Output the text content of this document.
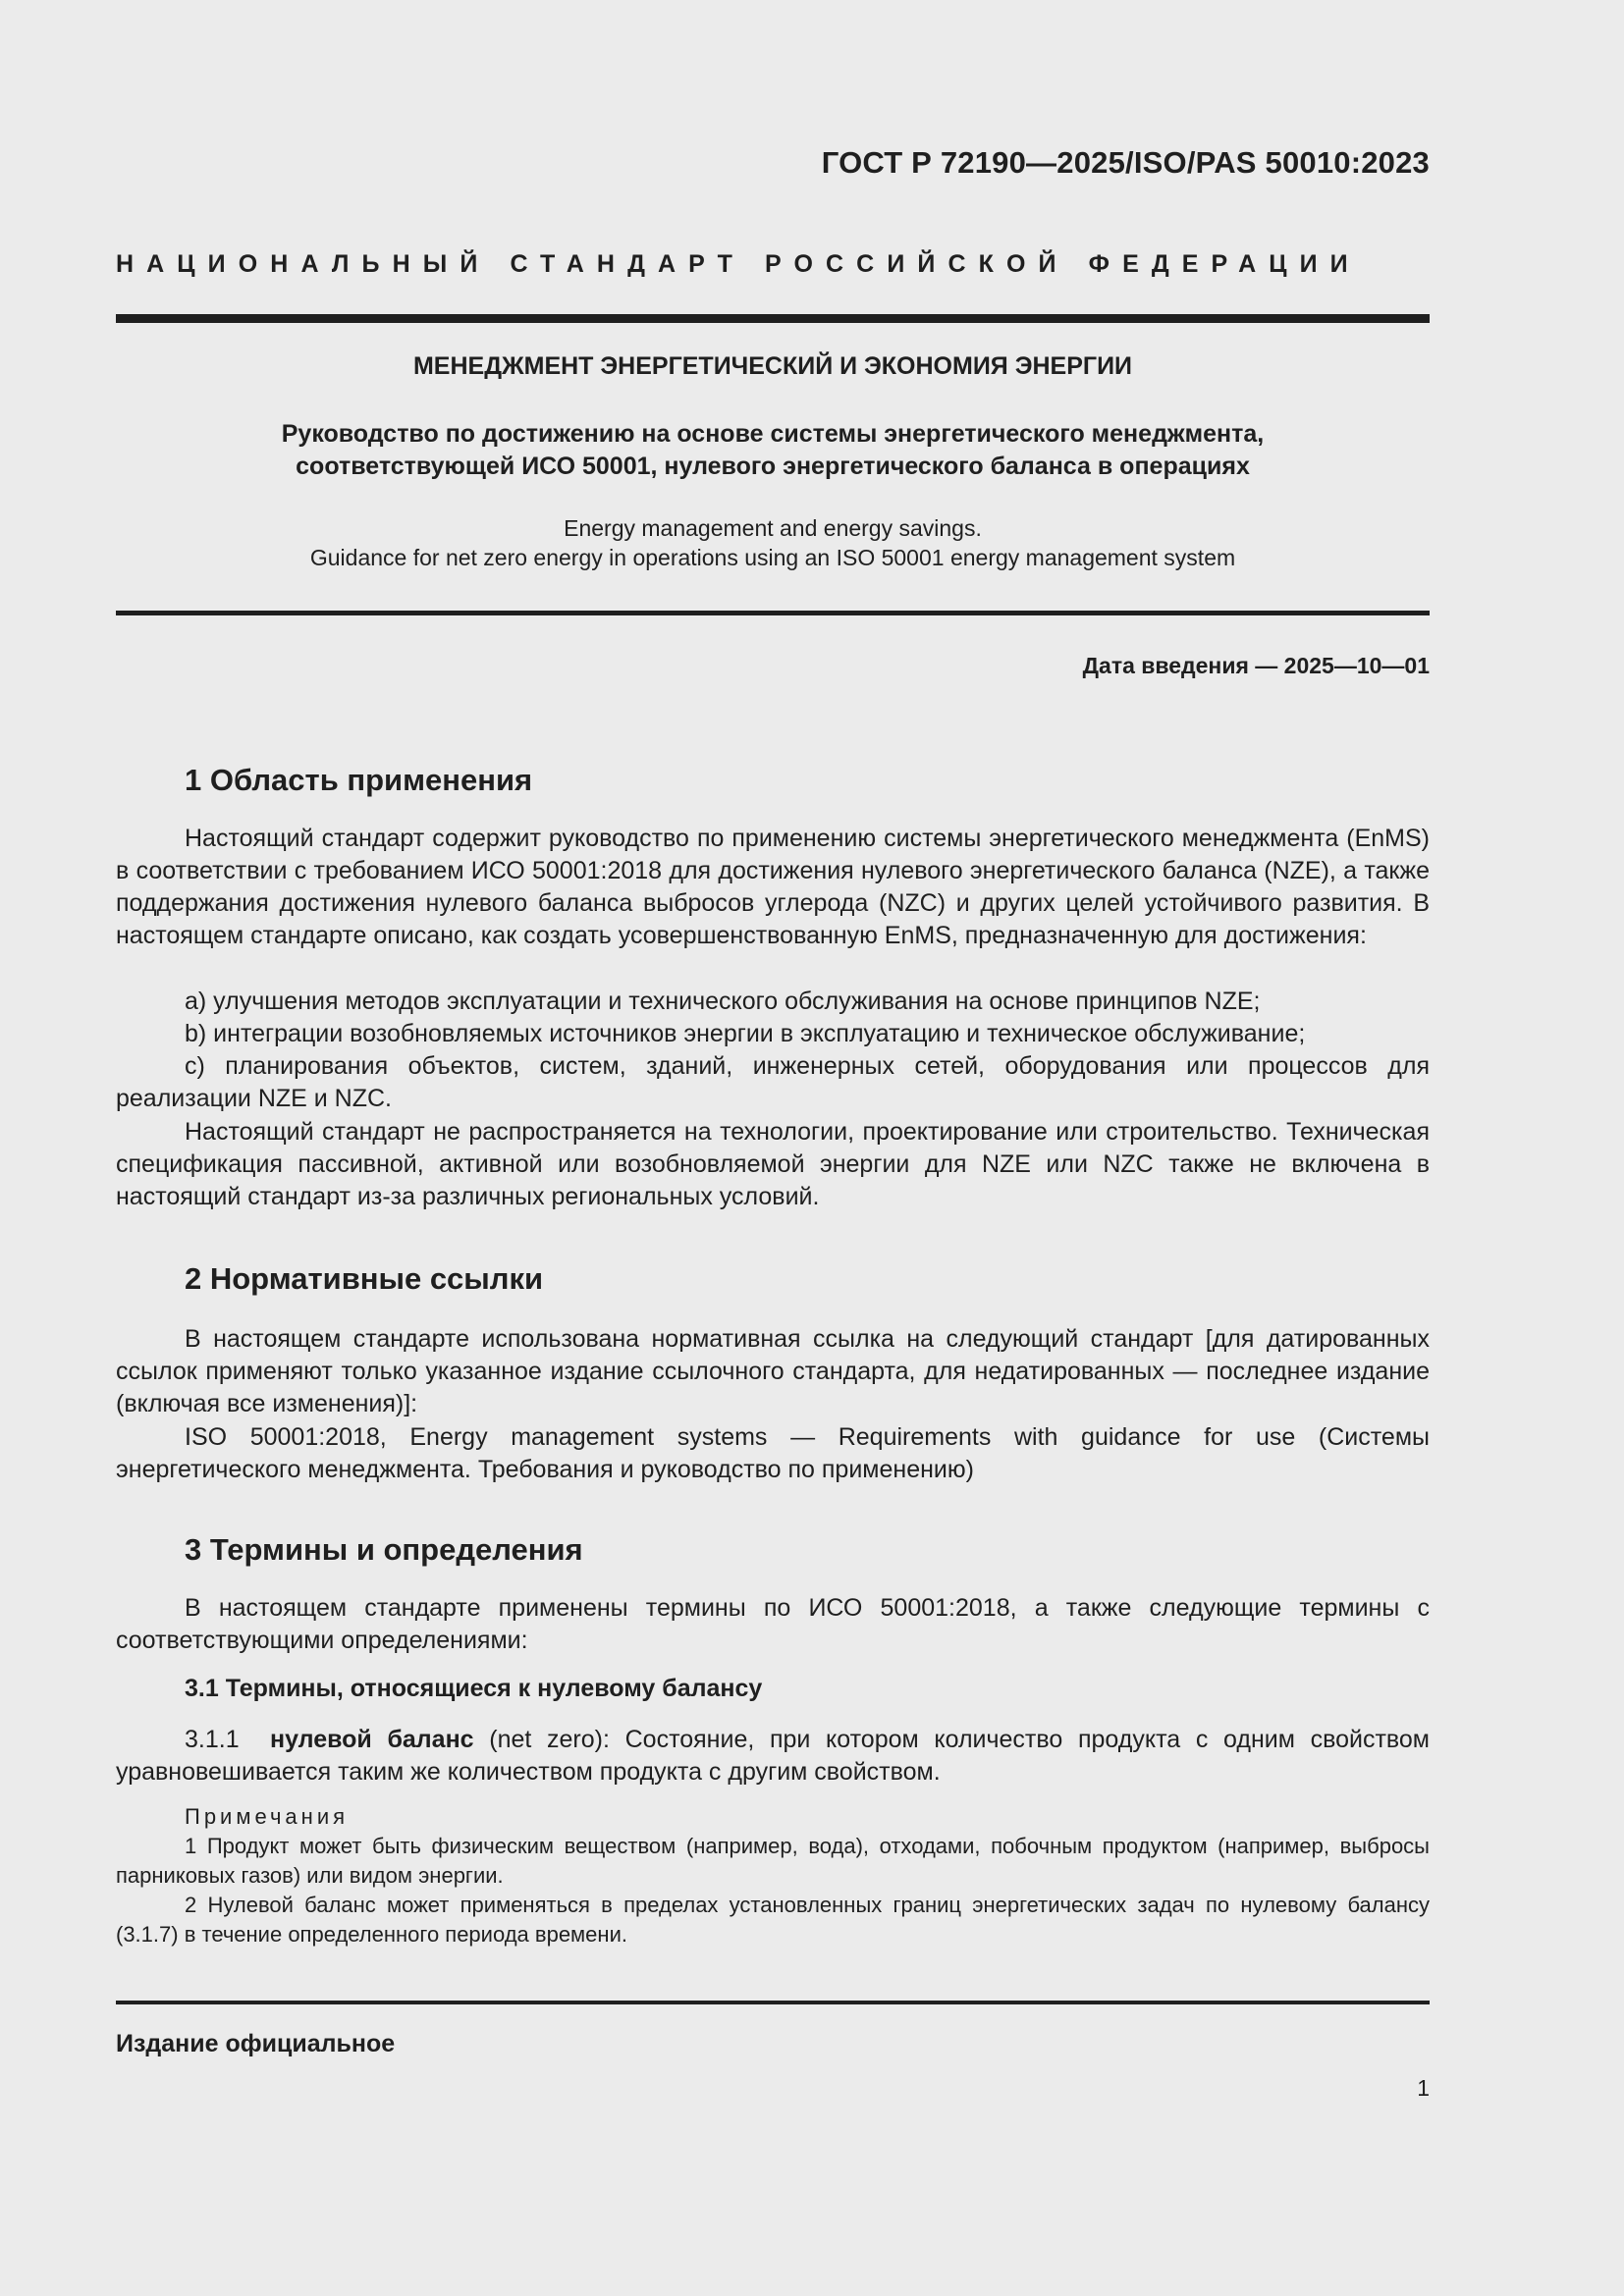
ГОСТ Р 72190—2025/ISO/PAS 50010:2023
НАЦИОНАЛЬНЫЙ СТАНДАРТ РОССИЙСКОЙ ФЕДЕРАЦИИ
МЕНЕДЖМЕНТ ЭНЕРГЕТИЧЕСКИЙ И ЭКОНОМИЯ ЭНЕРГИИ
Руководство по достижению на основе системы энергетического менеджмента,
соответствующей ИСО 50001, нулевого энергетического баланса в операциях
Energy management and energy savings.
Guidance for net zero energy in operations using an ISO 50001 energy management system
Дата введения — 2025—10—01
1 Область применения
Настоящий стандарт содержит руководство по применению системы энергетического менеджмента (EnMS) в соответствии с требованием ИСО 50001:2018 для достижения нулевого энергетического баланса (NZE), а также поддержания достижения нулевого баланса выбросов углерода (NZC) и других целей устойчивого развития. В настоящем стандарте описано, как создать усовершенствованную EnMS, предназначенную для достижения:
а) улучшения методов эксплуатации и технического обслуживания на основе принципов NZE;
b) интеграции возобновляемых источников энергии в эксплуатацию и техническое обслуживание;
c) планирования объектов, систем, зданий, инженерных сетей, оборудования или процессов для реализации NZE и NZC.
Настоящий стандарт не распространяется на технологии, проектирование или строительство. Техническая спецификация пассивной, активной или возобновляемой энергии для NZE или NZC также не включена в настоящий стандарт из-за различных региональных условий.
2 Нормативные ссылки
В настоящем стандарте использована нормативная ссылка на следующий стандарт [для датированных ссылок применяют только указанное издание ссылочного стандарта, для недатированных — последнее издание (включая все изменения)]:
ISO 50001:2018, Energy management systems — Requirements with guidance for use (Системы энергетического менеджмента. Требования и руководство по применению)
3 Термины и определения
В настоящем стандарте применены термины по ИСО 50001:2018, а также следующие термины с соответствующими определениями:
3.1 Термины, относящиеся к нулевому балансу
3.1.1 нулевой баланс (net zero): Состояние, при котором количество продукта с одним свойством уравновешивается таким же количеством продукта с другим свойством.
Примечания
1 Продукт может быть физическим веществом (например, вода), отходами, побочным продуктом (например, выбросы парниковых газов) или видом энергии.
2 Нулевой баланс может применяться в пределах установленных границ энергетических задач по нулевому балансу (3.1.7) в течение определенного периода времени.
Издание официальное
1
